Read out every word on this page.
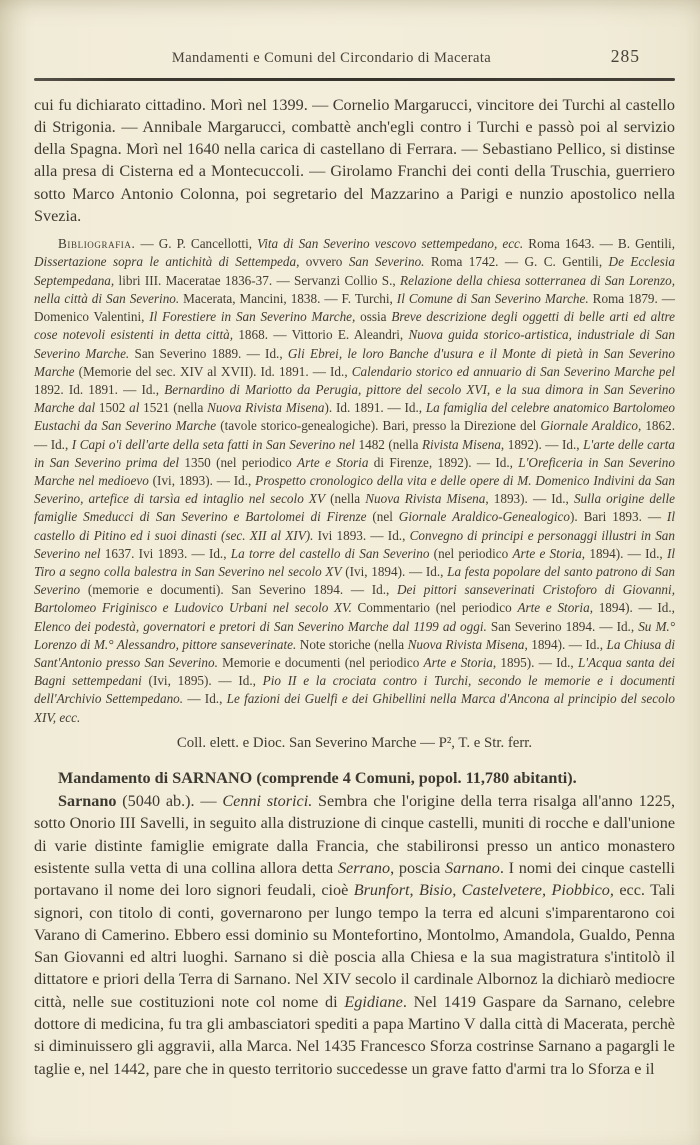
Mandamenti e Comuni del Circondario di Macerata	285

cui fu dichiarato cittadino. Morì nel 1399. — Cornelio Margarucci, vincitore dei Turchi al castello di Strigonia. — Annibale Margarucci, combattè anch'egli contro i Turchi e passò poi al servizio della Spagna. Morì nel 1640 nella carica di castellano di Ferrara. — Sebastiano Pellico, si distinse alla presa di Cisterna ed a Montecuccoli. — Girolamo Franchi dei conti della Truschia, guerriero sotto Marco Antonio Colonna, poi segretario del Mazzarino a Parigi e nunzio apostolico nella Svezia.

Bibliografia. — G. P. Cancellotti, Vita di San Severino vescovo settempedano, ecc. Roma 1643. — B. Gentili, Dissertazione sopra le antichità di Settempeda, ovvero San Severino. Roma 1742. — G. C. Gentili, De Ecclesia Septempedana, libri III. Maceratae 1836-37. — Servanzi Collio S., Relazione della chiesa sotterranea di San Lorenzo, nella città di San Severino. Macerata, Mancini, 1838. — F. Turchi, Il Comune di San Severino Marche. Roma 1879. — Domenico Valentini, Il Forestiere in San Severino Marche, ossia Breve descrizione degli oggetti di belle arti ed altre cose notevoli esistenti in detta città, 1868. — Vittorio E. Aleandri, Nuova guida storico-artistica, industriale di San Severino Marche. San Severino 1889. — Id., Gli Ebrei, le loro Banche d'usura e il Monte di pietà in San Severino Marche (Memorie del sec. XIV al XVII). Id. 1891. — Id., Calendario storico ed annuario di San Severino Marche pel 1892. Id. 1891. — Id., Bernardino di Mariotto da Perugia, pittore del secolo XVI, e la sua dimora in San Severino Marche dal 1502 al 1521 (nella Nuova Rivista Misena). Id. 1891. — Id., La famiglia del celebre anatomico Bartolomeo Eustachi da San Severino Marche (tavole storico-genealogiche). Bari, presso la Direzione del Giornale Araldico, 1862. — Id., I Capi o'i dell'arte della seta fatti in San Severino nel 1482 (nella Rivista Misena, 1892). — Id., L'arte delle carta in San Severino prima del 1350 (nel periodico Arte e Storia di Firenze, 1892). — Id., L'Oreficeria in San Severino Marche nel medioevo (Ivi, 1893). — Id., Prospetto cronologico della vita e delle opere di M. Domenico Indivini da San Severino, artefice di tarsìa ed intaglio nel secolo XV (nella Nuova Rivista Misena, 1893). — Id., Sulla origine delle famiglie Smeducci di San Severino e Bartolomei di Firenze (nel Giornale Araldico-Genealogico). Bari 1893. — Il castello di Pitino ed i suoi dinasti (sec. XII al XIV). Ivi 1893. — Id., Convegno di principi e personaggi illustri in San Severino nel 1637. Ivi 1893. — Id., La torre del castello di San Severino (nel periodico Arte e Storia, 1894). — Id., Il Tiro a segno colla balestra in San Severino nel secolo XV (Ivi, 1894). — Id., La festa popolare del santo patrono di San Severino (memorie e documenti). San Severino 1894. — Id., Dei pittori sanseverinati Cristoforo di Giovanni, Bartolomeo Friginisco e Ludovico Urbani nel secolo XV. Commentario (nel periodico Arte e Storia, 1894). — Id., Elenco dei podestà, governatori e pretori di San Severino Marche dal 1199 ad oggi. San Severino 1894. — Id., Su M.° Lorenzo di M.° Alessandro, pittore sanseverinate. Note storiche (nella Nuova Rivista Misena, 1894). — Id., La Chiusa di Sant'Antonio presso San Severino. Memorie e documenti (nel periodico Arte e Storia, 1895). — Id., L'Acqua santa dei Bagni settempedani (Ivi, 1895). — Id., Pio II e la crociata contro i Turchi, secondo le memorie e i documenti dell'Archivio Settempedano. — Id., Le fazioni dei Guelfi e dei Ghibellini nella Marca d'Ancona al principio del secolo XIV, ecc.

Coll. elett. e Dioc. San Severino Marche — P², T. e Str. ferr.

Mandamento di SARNANO (comprende 4 Comuni, popol. 11,780 abitanti).

Sarnano (5040 ab.). — Cenni storici. Sembra che l'origine della terra risalga all'anno 1225, sotto Onorio III Savelli, in seguito alla distruzione di cinque castelli, muniti di rocche e dall'unione di varie distinte famiglie emigrate dalla Francia, che stabilironsi presso un antico monastero esistente sulla vetta di una collina allora detta Serrano, poscia Sarnano. I nomi dei cinque castelli portavano il nome dei loro signori feudali, cioè Brunfort, Bisio, Castelvetere, Piobbico, ecc. Tali signori, con titolo di conti, governarono per lungo tempo la terra ed alcuni s'imparentarono coi Varano di Camerino. Ebbero essi dominio su Montefortino, Montolmo, Amandola, Gualdo, Penna San Giovanni ed altri luoghi. Sarnano si diè poscia alla Chiesa e la sua magistratura s'intitolò il dittatore e priori della Terra di Sarnano. Nel XIV secolo il cardinale Albornoz la dichiarò mediocre città, nelle sue costituzioni note col nome di Egidiane. Nel 1419 Gaspare da Sarnano, celebre dottore di medicina, fu tra gli ambasciatori spediti a papa Martino V dalla città di Macerata, perchè si diminuissero gli aggravii, alla Marca. Nel 1435 Francesco Sforza costrinse Sarnano a pagargli le taglie e, nel 1442, pare che in questo territorio succedesse un grave fatto d'armi tra lo Sforza e il
